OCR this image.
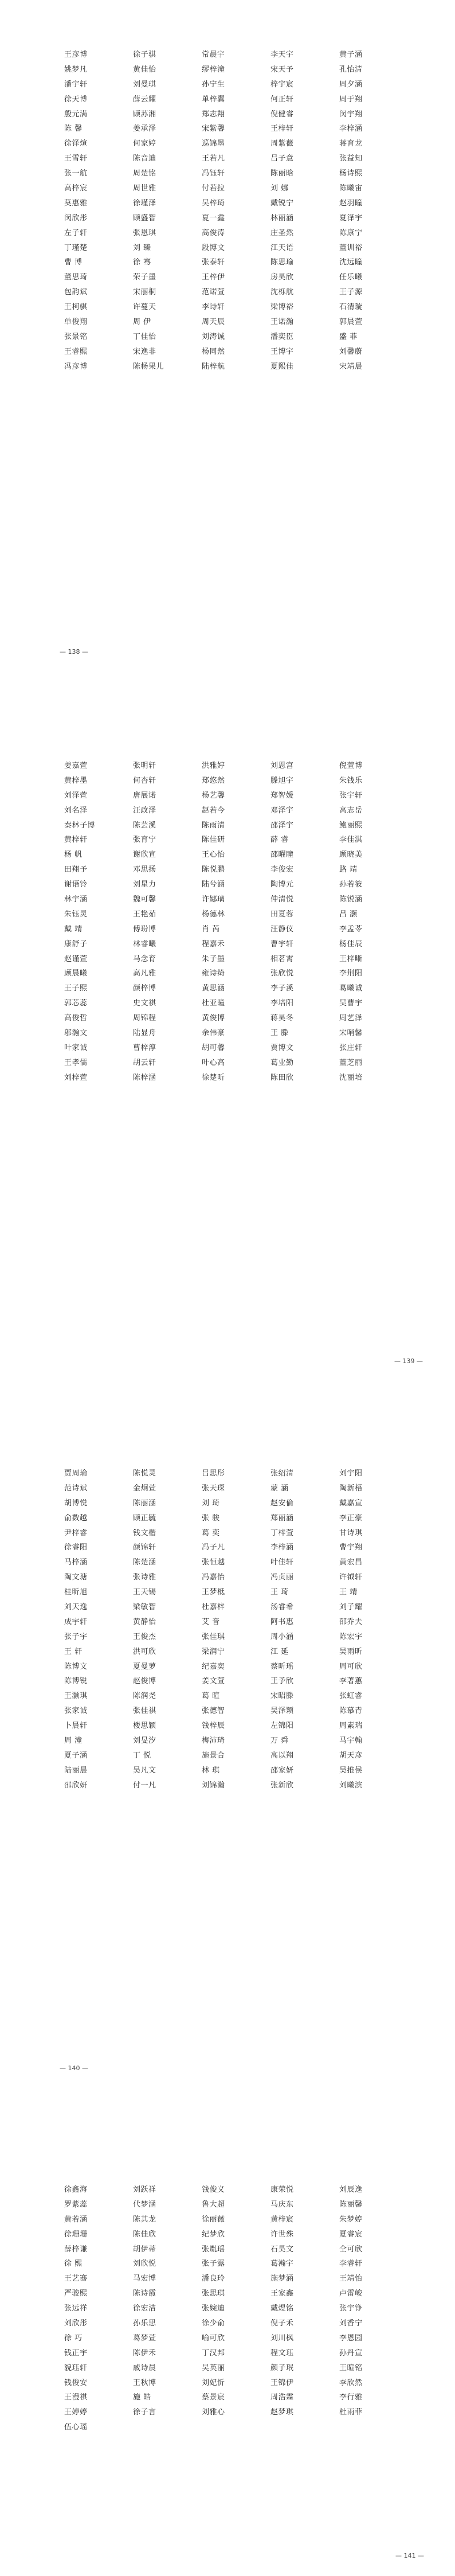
王彦博	徐子骐	常晨宇	李天宇	黄子涵
姚梦凡	黄佳怡	缪梓潼	宋天予	孔怡清
潘宇轩	刘曼琪	孙宁生	梓宇宸	周夕涵
徐天博	薛云耀	单梓翼	何正轩	周于翔
殷元满	顾苏湘	郑志翔	倪健睿	闵宇翔
陈 馨	姜承泽	宋紫馨	王梓轩	李梓涵
徐铎煊	何家婷	巡锦墨	周紫薇	蒋育龙
王雪轩	陈音迪	王若凡	吕子意	张益知
张一航	周楚铭	冯钰轩	陈丽晗	杨诗熙
高梓宸	周世雅	付若拉	刘 娜	陈曦宙
莫惠雅	徐瑾泽	吴梓琦	戴锐宁	赵羽瞳
闵欣彤	顾盛智	夏一鑫	林丽涵	夏泽宇
左子轩	张恩琪	高俊涛	庄圣然	陈康宁
丁瑾楚	刘 臻	段博文	江天语	董训裕
曹 博	徐 骞	张泰轩	陈思瑜	沈远瞳
董思琦	荣子墨	王梓伊	房昊欣	任乐曦
包韵斌	宋丽桐	范诺萱	沈栎航	王子源
王柯骐	许蔓天	李诗轩	梁博裕	石清璇
单俊翔	周 伊	周天辰	王诺瀚	郭晨萱
张景铭	丁佳怡	刘涛诚	潘奕臣	盛 菲
王睿熙	宋逸非	杨同然	王博宇	刘馨蔚
冯彦博	陈杨果儿	陆梓航	夏熙佳	宋靖晨
— 138 —
姜嘉萱	张明轩	洪雅婷	刘恩宫	倪萱博
黄梓墨	何杏轩	郑悠然	滕旭宇	朱钱乐
刘泽萱	唐展诺	杨艺馨	郑智媛	张宇轩
刘名泽	汪政泽	赵若今	邓泽宇	高志岳
秦林子博	陈芸溪	陈雨清	邵泽宇	鲍丽熙
黄梓轩	张育宁	陈佳研	薛 睿	李佳淇
杨 帆	谢欣宣	王心怡	邵曜瞳	顾晓美
田翔予	邓思扬	陈悦鹏	李俊宏	路 靖
谢语铃	刘星力	陆兮涵	陶博元	孙若筱
林宇涵	魏可馨	许娜璃	仲清悦	陈锐涵
朱钰灵	王艳茹	杨德林	田夏蓉	吕 灏
戴 靖	傅玢博	肖 芮	汪静仪	李孟苓
康舒子	林睿曦	程嘉禾	曹宇轩	杨佳辰
赵谨萱	马念育	朱子墨	相茗霄	王梓晰
顾晨曦	高凡雅	雍诗绮	张欣悦	李荆阳
王子熙	颜梓博	黄思涵	李子溪	葛曦诚
郭芯蕊	史文祺	杜亚瞳	李培阳	吴曹宇
高俊哲	周锦程	黄俊博	蒋昊冬	周艺泽
邬瀚文	陆显舟	余伟豪	王 滕	宋哨馨
叶家诚	曹梓淳	胡可馨	贾博文	张庄轩
王孝儒	胡云轩	叶心高	葛业勤	董芝丽
刘梓萱	陈梓涵	徐楚昕	陈田欣	沈丽培
— 139 —
贾周瑜	陈悦灵	吕思彤	张绍清	刘宇阳
范诗斌	金炯萱	张天琛	蒙 涵	陶新梧
胡博悦	陈丽涵	刘 琦	赵安倫	戴嘉宣
俞数越	顾正毓	张 骏	郑丽涵	李正豪
尹梓睿	钱文楷	葛 奕	丁梓萱	甘诗琪
徐睿阳	颜锦轩	冯子凡	李梓涵	曹宇翔
马梓涵	陈楚涵	张恒越	叶佳轩	黄宏昌
陶文瑭	张诗雅	冯嘉怡	冯贞丽	许钺轩
桂昕旭	王天锡	王梦柢	王 琦	王 靖
刘天逸	梁敏智	杜嘉梓	汤睿希	刘子耀
成宇轩	黄静怡	艾 音	阿书惠	邵乔夫
张子宇	王俊杰	张佳琪	周小涵	陈宏宇
王 轩	洪可欣	梁润宁	江 延	吴雨昕
陈博文	夏曼萝	纪嘉奕	蔡昕瑶	周可欣
陈博锐	赵俊博	姜文萱	王予欣	李著蕙
王灏琪	陈润尧	葛 暄	宋昭滕	张虹睿
张家诚	张佳祺	张德智	吴泽颖	陈慕青
卜晨轩	楼思颖	钱梓辰	左锦阳	周素瑞
周 潼	刘旻汐	梅沛琦	万 舜	马宇翰
夏子涵	丁 悦	施景合	高以翔	胡天彦
陆丽晨	吴凡文	林 琪	邵家妍	吴推侯
邵欣妍	付一凡	刘锦瀚	张新欣	刘曦滨
— 140 —
徐鑫海	刘跃祥	钱俊义	康荣悦	刘辰逸
罗紫蕊	代梦涵	鲁大超	马庆东	陈丽馨
黄若涵	陈其龙	徐丽薇	黄梓宸	朱梦婷
徐珊珊	陈佳欣	纪梦欣	许世殊	夏睿宸
薛梓谦	胡伊蒂	张胤瑶	石昊文	仝可欣
徐 熙	刘欣悦	张子露	葛瀚宇	李睿轩
王艺骞	马宏博	潘良玲	施梦涵	王靖怡
严骏熙	陈诗霞	张思琪	王家鑫	卢雷峻
张远祥	徐宏洁	张婉迪	戴煜铭	张宇铮
刘欣彤	孙乐思	徐少俞	倪子禾	刘香宁
徐 巧	葛梦萱	喻可欣	刘川枫	李恩园
钱正宇	陈伊禾	丁汉邦	程文珏	孙丹宣
貌珏轩	戚诗晨	吴英丽	颜子珉	王暄铭
钱俊安	王秋博	刘妃忻	王锦伊	李欣然
王漫祺	施 皓	蔡景宸	周浩霖	李行雅
王婷婷	徐子言	刘雅心	赵梦琪	杜雨菲
伍心瑶
— 141 —
